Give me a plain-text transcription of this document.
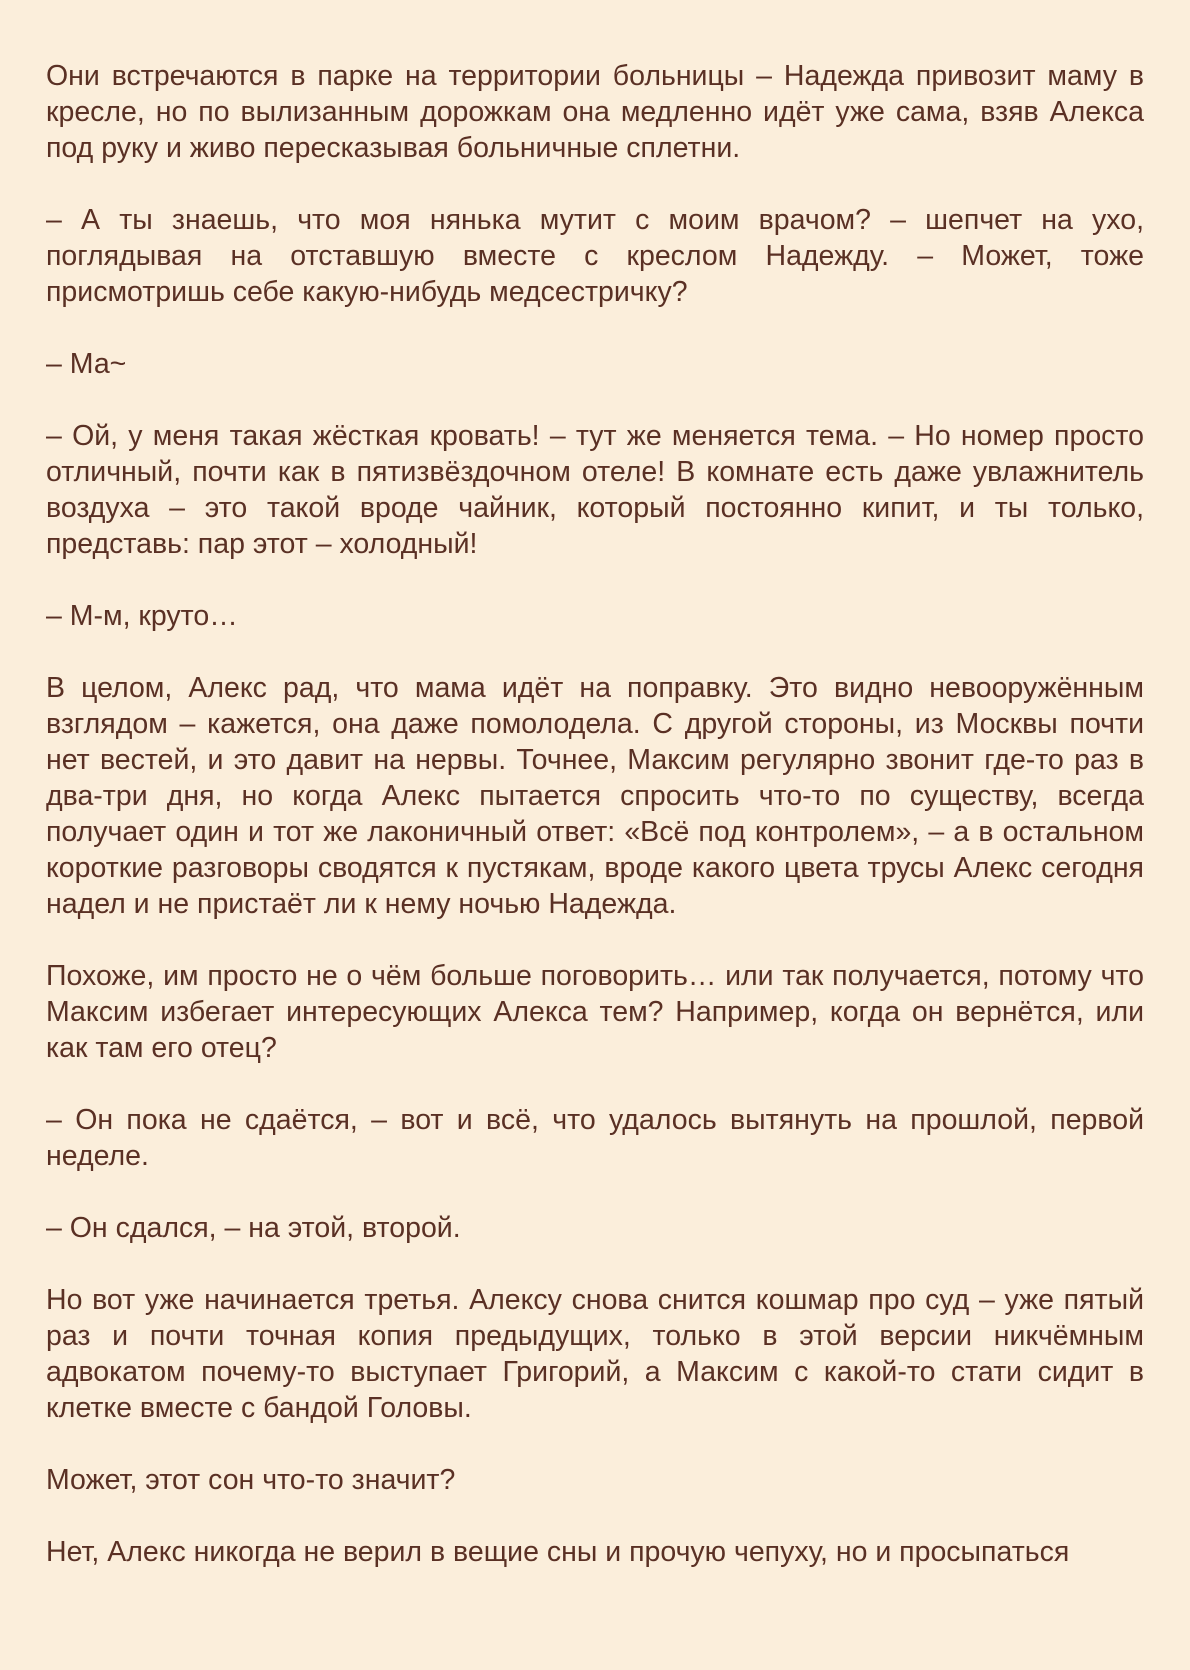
Они встречаются в парке на территории больницы – Надежда привозит маму в кресле, но по вылизанным дорожкам она медленно идёт уже сама, взяв Алекса под руку и живо пересказывая больничные сплетни.

– А ты знаешь, что моя нянька мутит с моим врачом? – шепчет на ухо, поглядывая на отставшую вместе с креслом Надежду. – Может, тоже присмотришь себе какую-нибудь медсестричку?

– Ма~

– Ой, у меня такая жёсткая кровать! – тут же меняется тема. – Но номер просто отличный, почти как в пятизвёздочном отеле! В комнате есть даже увлажнитель воздуха – это такой вроде чайник, который постоянно кипит, и ты только, представь: пар этот – холодный!

– М-м, круто…

В целом, Алекс рад, что мама идёт на поправку. Это видно невооружённым взглядом – кажется, она даже помолодела. С другой стороны, из Москвы почти нет вестей, и это давит на нервы. Точнее, Максим регулярно звонит где-то раз в два-три дня, но когда Алекс пытается спросить что-то по существу, всегда получает один и тот же лаконичный ответ: «Всё под контролем», – а в остальном короткие разговоры сводятся к пустякам, вроде какого цвета трусы Алекс сегодня надел и не пристаёт ли к нему ночью Надежда.

Похоже, им просто не о чём больше поговорить… или так получается, потому что Максим избегает интересующих Алекса тем? Например, когда он вернётся, или как там его отец?

– Он пока не сдаётся, – вот и всё, что удалось вытянуть на прошлой, первой неделе.

– Он сдался, – на этой, второй.

Но вот уже начинается третья. Алексу снова снится кошмар про суд – уже пятый раз и почти точная копия предыдущих, только в этой версии никчёмным адвокатом почему-то выступает Григорий, а Максим с какой-то стати сидит в клетке вместе с бандой Головы.

Может, этот сон что-то значит?

Нет, Алекс никогда не верил в вещие сны и прочую чепуху, но и просыпаться
